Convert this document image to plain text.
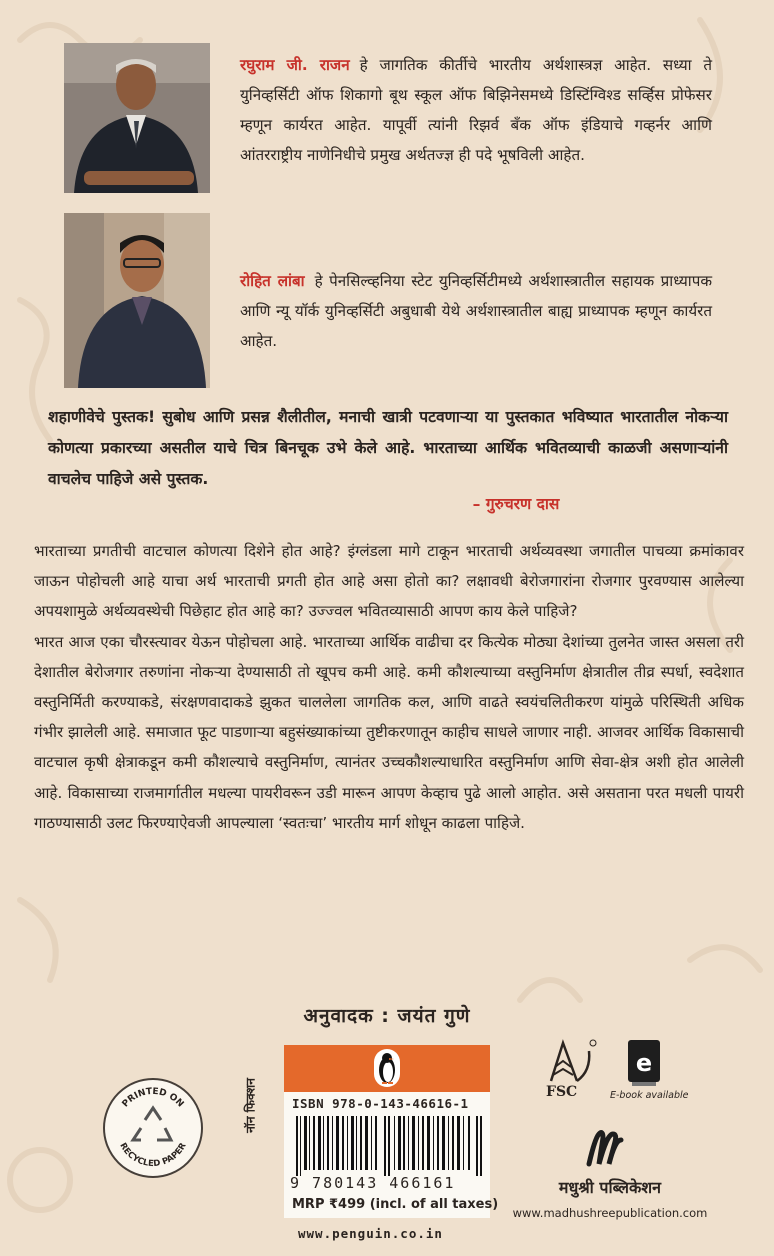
रघुराम जी. राजन हे जागतिक कीर्तीचे भारतीय अर्थशास्त्रज्ञ आहेत. सध्या ते युनिव्हर्सिटी ऑफ शिकागो बूथ स्कूल ऑफ बिझिनेसमध्ये डिस्टिंग्विश्ड सर्व्हिस प्रोफेसर म्हणून कार्यरत आहेत. यापूर्वी त्यांनी रिझर्व बँक ऑफ इंडियाचे गव्हर्नर आणि आंतरराष्ट्रीय नाणेनिधीचे प्रमुख अर्थतज्ज्ञ ही पदे भूषविली आहेत.
रोहित लांबा हे पेनसिल्व्हनिया स्टेट युनिव्हर्सिटीमध्ये अर्थशास्त्रातील सहायक प्राध्यापक आणि न्यू यॉर्क युनिव्हर्सिटी अबुधाबी येथे अर्थशास्त्रातील बाह्य प्राध्यापक म्हणून कार्यरत आहेत.
शहाणीवेचे पुस्तक! सुबोध आणि प्रसन्न शैलीतील, मनाची खात्री पटवणाऱ्या या पुस्तकात भविष्यात भारतातील नोकऱ्या कोणत्या प्रकारच्या असतील याचे चित्र बिनचूक उभे केले आहे. भारताच्या आर्थिक भवितव्याची काळजी असणाऱ्यांनी वाचलेच पाहिजे असे पुस्तक.
– गुरुचरण दास

भारताच्या प्रगतीची वाटचाल कोणत्या दिशेने होत आहे? इंग्लंडला मागे टाकून भारताची अर्थव्यवस्था जगातील पाचव्या क्रमांकावर जाऊन पोहोचली आहे याचा अर्थ भारताची प्रगती होत आहे असा होतो का? लक्षावधी बेरोजगारांना रोजगार पुरवण्यास आलेल्या अपयशामुळे अर्थव्यवस्थेची पिछेहाट होत आहे का? उज्ज्वल भवितव्यासाठी आपण काय केले पाहिजे?

भारत आज एका चौरस्त्यावर येऊन पोहोचला आहे. भारताच्या आर्थिक वाढीचा दर कित्येक मोठ्या देशांच्या तुलनेत जास्त असला तरी देशातील बेरोजगार तरुणांना नोकऱ्या देण्यासाठी तो खूपच कमी आहे. कमी कौशल्याच्या वस्तुनिर्माण क्षेत्रातील तीव्र स्पर्धा, स्वदेशात वस्तुनिर्मिती करण्याकडे, संरक्षणवादाकडे झुकत चाललेला जागतिक कल, आणि वाढते स्वयंचलितीकरण यांमुळे परिस्थिती अधिक गंभीर झालेली आहे. समाजात फूट पाडणाऱ्या बहुसंख्याकांच्या तुष्टीकरणातून काहीच साधले जाणार नाही. आजवर आर्थिक विकासाची वाटचाल कृषी क्षेत्राकडून कमी कौशल्याचे वस्तुनिर्माण, त्यानंतर उच्चकौशल्याधारित वस्तुनिर्माण आणि सेवा-क्षेत्र अशी होत आलेली आहे. विकासाच्या राजमार्गातील मधल्या पायरीवरून उडी मारून आपण केव्हाच पुढे आलो आहोत. असे असताना परत मधली पायरी गाठण्यासाठी उलट फिरण्याऐवजी आपल्याला ‘स्वतःचा’ भारतीय मार्ग शोधून काढला पाहिजे.

अनुवादक : जयंत गुणे
नॉन फिक्शन
PRINTED ON
RECYCLED PAPER
ISBN 978-0-143-46616-1
9 780143 466161
MRP ₹499 (incl. of all taxes)
www.penguin.co.in
FSC
e
E-book available
मधुश्री पब्लिकेशन
www.madhushreepublication.com
